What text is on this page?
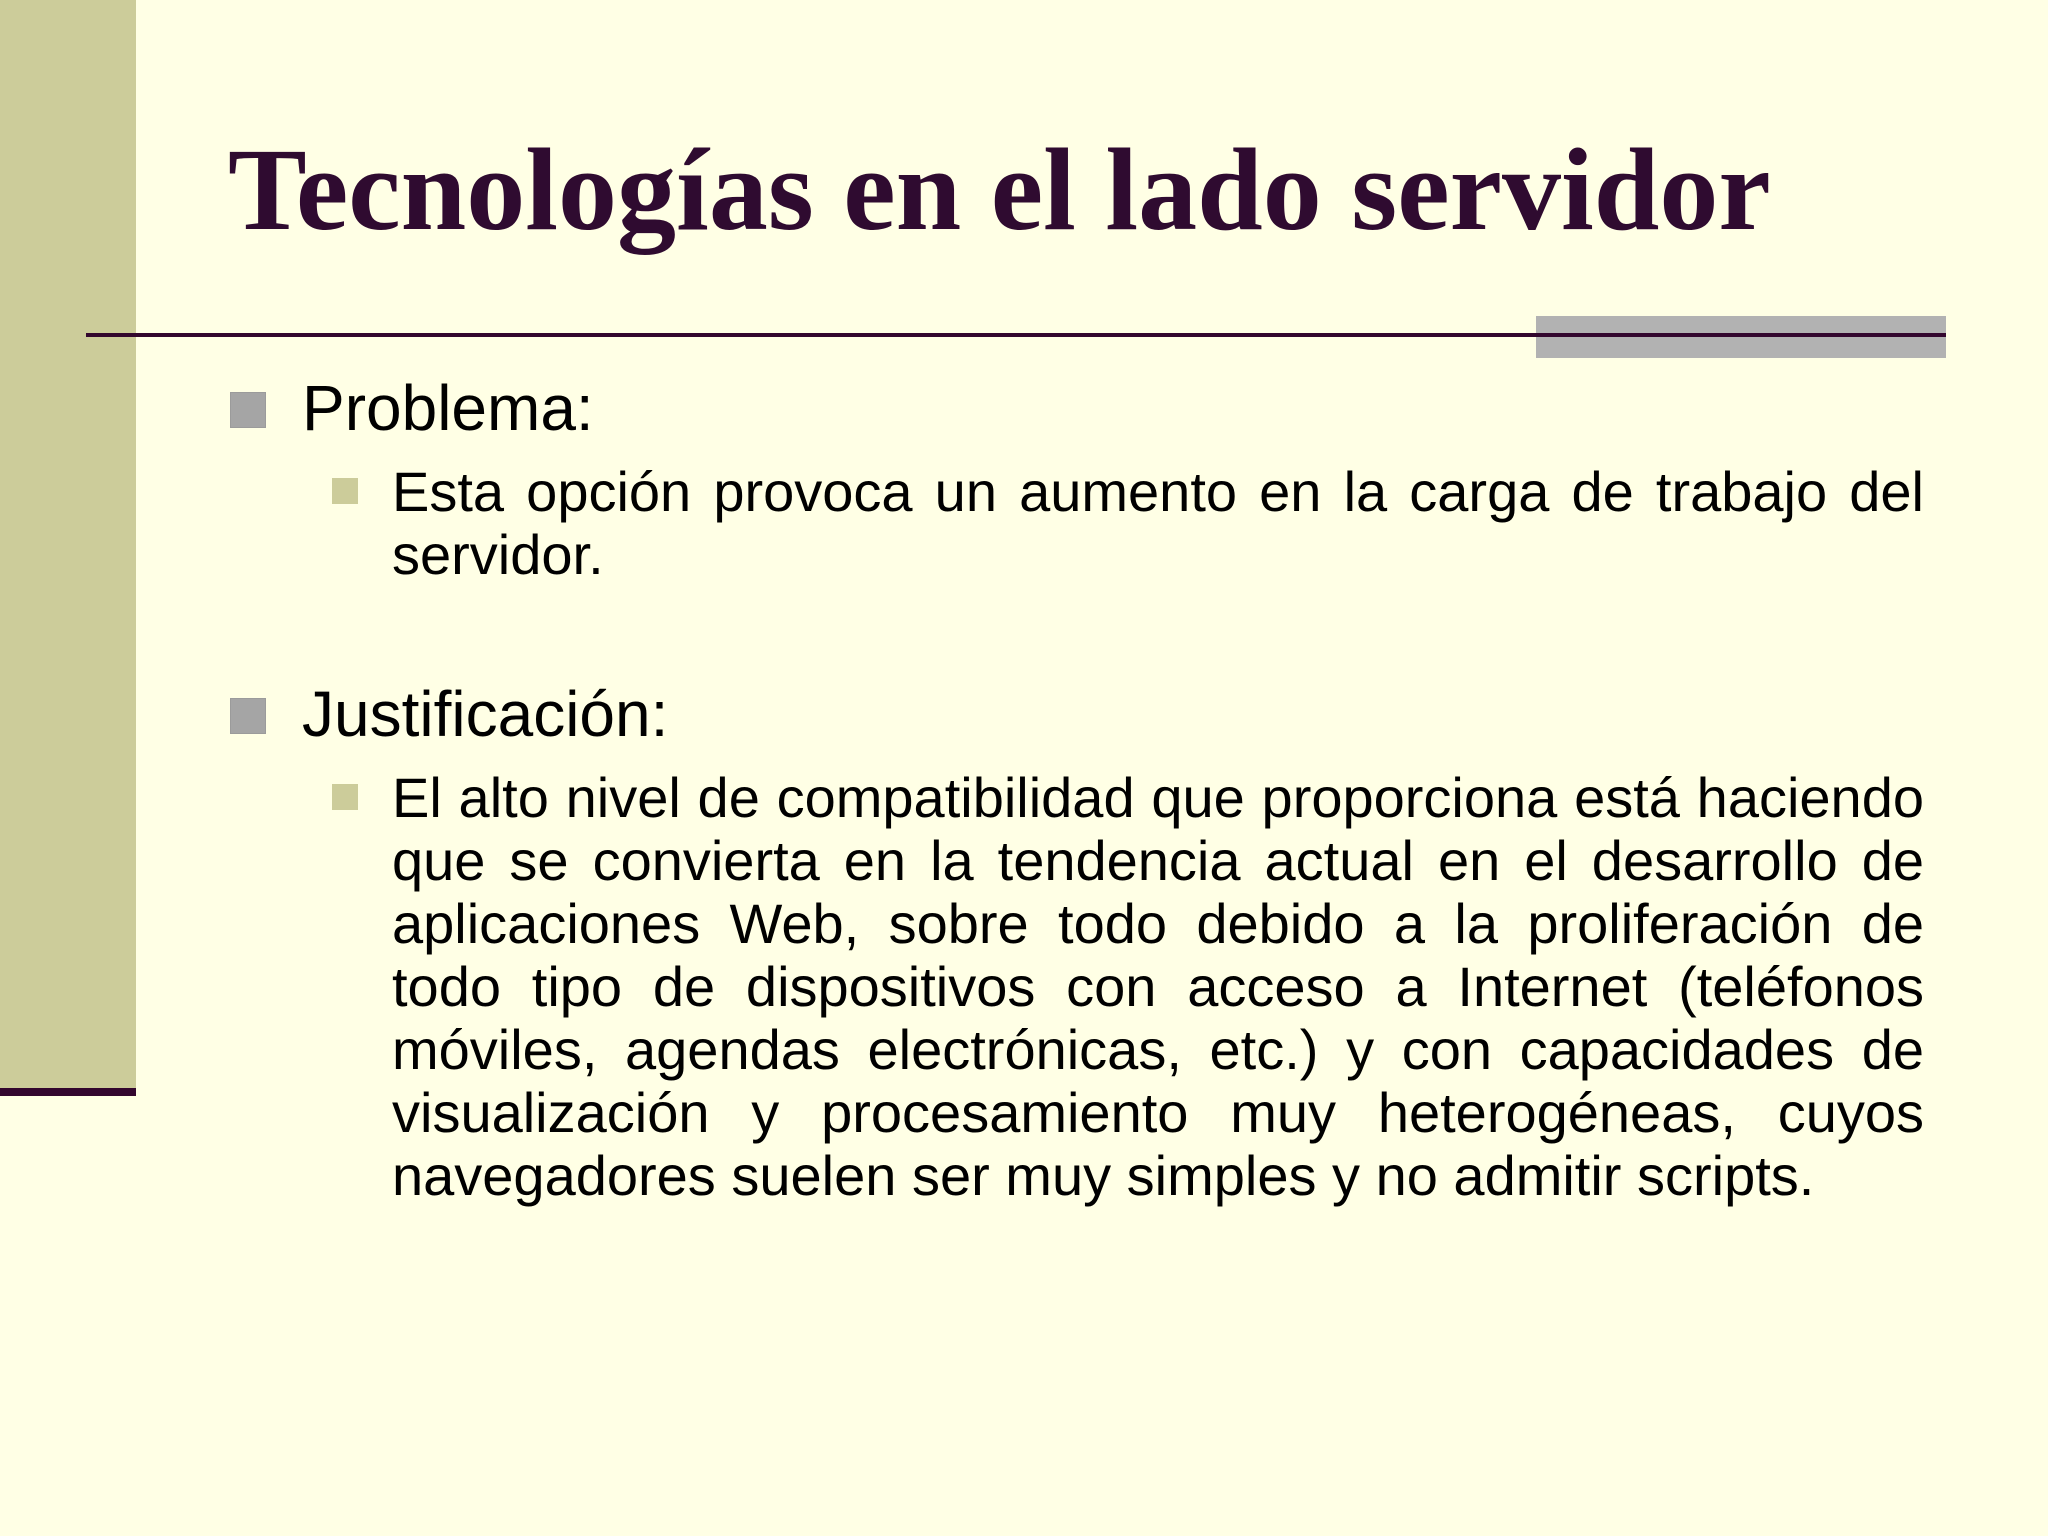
Tecnologías en el lado servidor

Problema:

Esta opción provoca un aumento en la carga de trabajo del servidor.

Justificación:

El alto nivel de compatibilidad que proporciona está haciendo que se convierta en la tendencia actual en el desarrollo de aplicaciones Web, sobre todo debido a la proliferación de todo tipo de dispositivos con acceso a Internet (teléfonos móviles, agendas electrónicas, etc.) y con capacidades de visualización y procesamiento muy heterogéneas, cuyos navegadores suelen ser muy simples y no admitir scripts.
